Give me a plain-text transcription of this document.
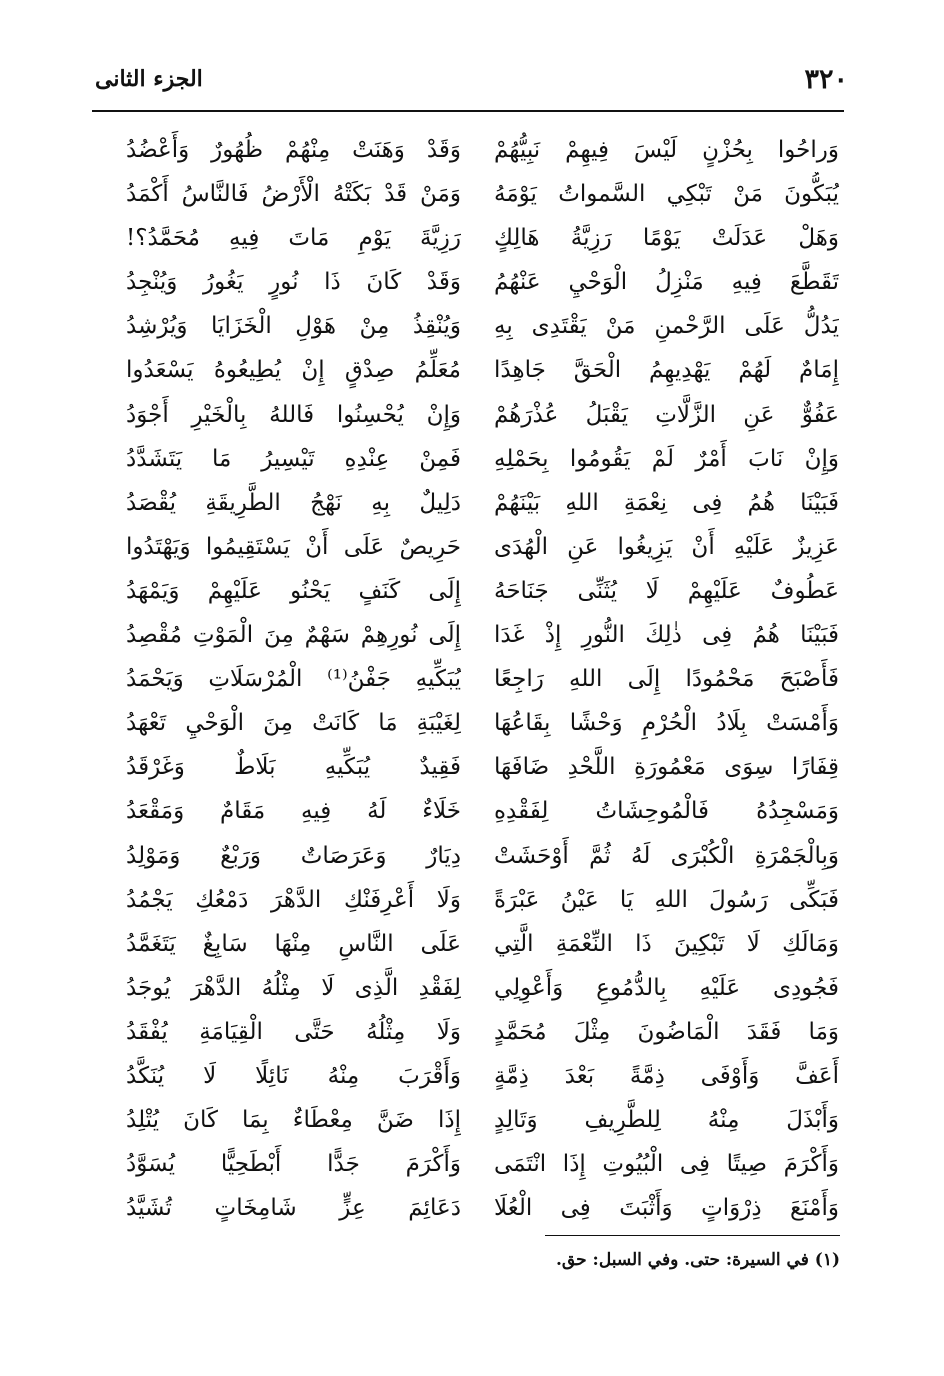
٣٢٠
الجزء الثانى
وَراحُوا بِحُزْنٍ لَيْسَ فِيهِمْ نَبِيُّهُمْ
يُبَكُّونَ مَنْ تَبْكِي السَّمواتُ يَوْمَهُ
وَهَلْ عَدَلَتْ يَوْمًا رَزِيَّةُ هَالِكٍ
تَقَطَّعَ فِيهِ مَنْزِلُ الْوَحْيِ عَنْهُمُ
يَدُلُّ عَلَى الرَّحْمنِ مَنْ يَقْتَدِى بِهِ
إِمَامٌ لَهُمْ يَهْدِيهِمُ الْحَقَّ جَاهِدًا
عَفُوٌّ عَنِ الزَّلَّاتِ يَقْبَلُ عُذْرَهُمْ
وَإِنْ نَابَ أَمْرٌ لَمْ يَقُومُوا بِحَمْلِهِ
فَبَيْنَا هُمُ فِى نِعْمَةِ اللهِ بَيْنَهُمْ
عَزِيزٌ عَلَيْهِ أَنْ يَزِيغُوا عَنِ الْهُدَى
عَطُوفٌ عَلَيْهِمْ لَا يُثَنِّى جَنَاحَهُ
فَبَيْنَا هُمُ فِى ذٰلِكَ النُّورِ إِذْ غَدَا
فَأَصْبَحَ مَحْمُودًا إِلَى اللهِ رَاجِعًا
وَأَمْسَتْ بِلَادُ الْحُرْمِ وَحْشًا بِقَاعُهَا
قِفَارًا سِوَى مَعْمُورَةِ اللَّحْدِ ضَافَهَا
وَمَسْجِدُهُ فَالْمُوحِشَاتُ لِفَقْدِهِ
وَبِالْجَمْرَةِ الْكُبْرَى لَهُ ثُمَّ أَوْحَشَتْ
فَبَكِّى رَسُولَ اللهِ يَا عَيْنُ عَبْرَةً
وَمَالَكِ لَا تَبْكِينَ ذَا النِّعْمَةِ الَّتِي
فَجُودِى عَلَيْهِ بِالدُّمُوعِ وَأَعْوِلِي
وَمَا فَقَدَ الْمَاضُونَ مِثْلَ مُحَمَّدٍ
أَعَفَّ وَأَوْفَى ذِمَّةً بَعْدَ ذِمَّةٍ
وَأَبْذَلَ مِنْهُ لِلطَّرِيفِ وَتَالِدٍ
وَأَكْرَمَ صِيتًا فِى الْبُيُوتِ إِذَا انْتَمَى
وَأَمْنَعَ ذِرْوَاتٍ وَأَثْبَتَ فِى الْعُلَا
وَقَدْ وَهَنَتْ مِنْهُمْ ظُهُورٌ وَأَعْضُدُ
وَمَنْ قَدْ بَكَتْهُ الْأَرْضُ فَالنَّاسُ أَكْمَدُ
رَزِيَّةَ يَوْمِ مَاتَ فِيهِ مُحَمَّدُ؟!
وَقَدْ كَانَ ذَا نُورٍ يَغُورُ وَيُنْجِدُ
وَيُنْقِذُ مِنْ هَوْلِ الْخَزَايَا وَيُرْشِدُ
مُعَلِّمُ صِدْقٍ إِنْ يُطِيعُوهُ يَسْعَدُوا
وَإِنْ يُحْسِنُوا فَاللهُ بِالْخَيْرِ أَجْوَدُ
فَمِنْ عِنْدِهِ تَيْسِيرُ مَا يَتَشَدَّدُ
دَلِيلٌ بِهِ نَهْجُ الطَّرِيقَةِ يُقْصَدُ
حَرِيصٌ عَلَى أَنْ يَسْتَقِيمُوا وَيَهْتَدُوا
إِلَى كَنَفٍ يَحْنُو عَلَيْهِمْ وَيَمْهَدُ
إِلَى نُورِهِمْ سَهْمٌ مِنَ الْمَوْتِ مُقْصِدُ
يُبَكِّيهِ جَفْنُ⁽¹⁾ الْمُرْسَلَاتِ وَيَحْمَدُ
لِغَيْبَةِ مَا كَانَتْ مِنَ الْوَحْيِ تَعْهَدُ
فَقِيدٌ يُبَكِّيهِ بَلَاطٌ وَغَرْقَدُ
خَلَاءٌ لَهُ فِيهِ مَقَامٌ وَمَقْعَدُ
دِيَارٌ وَعَرَصَاتٌ وَرَبْعٌ وَمَوْلِدُ
وَلَا أَعْرِفَنْكِ الدَّهْرَ دَمْعُكِ يَجْمُدُ
عَلَى النَّاسِ مِنْهَا سَابِغٌ يَتَغَمَّدُ
لِفَقْدِ الَّذِى لَا مِثْلُهُ الدَّهْرَ يُوجَدُ
وَلَا مِثْلُهُ حَتَّى الْقِيَامَةِ يُفْقَدُ
وَأَقْرَبَ مِنْهُ نَائِلًا لَا يُنَكَّدُ
إِذَا ضَنَّ مِعْطَاءٌ بِمَا كَانَ يُتْلِدُ
وَأَكْرَمَ جَدًّا أَبْطَحِيًّا يُسَوَّدُ
دَعَائِمَ عِزٍّ شَامِخَاتٍ تُشَيَّدُ
(١) في السيرة: حتى. وفي السبل: حق.
